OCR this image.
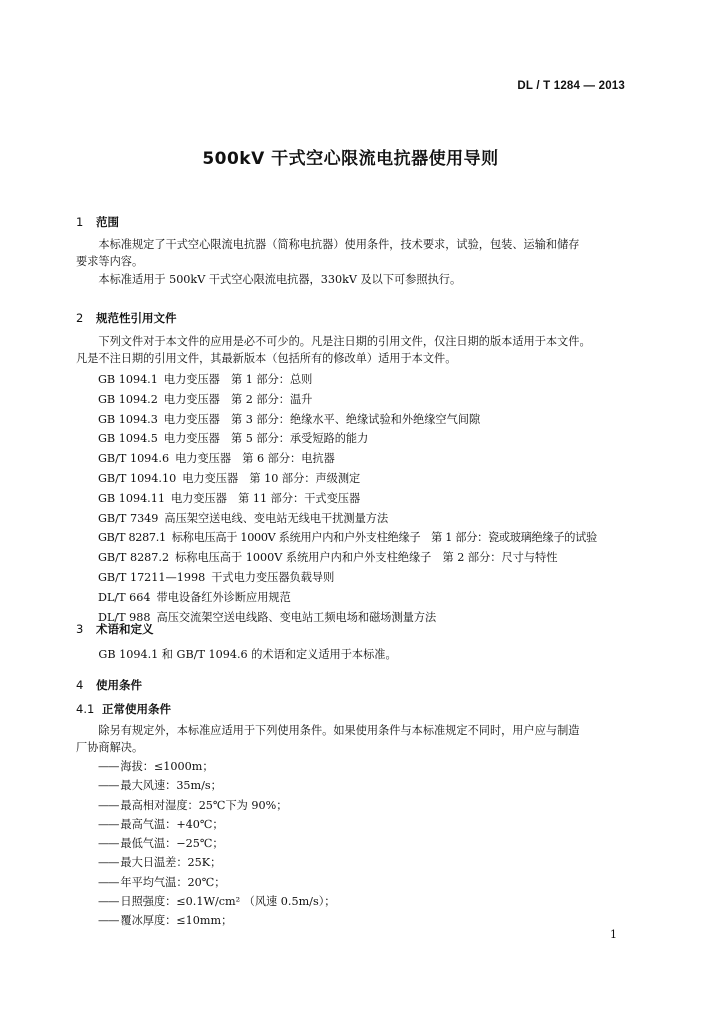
DL / T 1284 — 2013
500kV 干式空心限流电抗器使用导则
1 范围

本标准规定了干式空心限流电抗器（简称电抗器）使用条件，技术要求，试验，包装、运输和储存

要求等内容。

本标准适用于 500kV 干式空心限流电抗器，330kV 及以下可参照执行。

2 规范性引用文件

下列文件对于本文件的应用是必不可少的。凡是注日期的引用文件，仅注日期的版本适用于本文件。

凡是不注日期的引用文件，其最新版本（包括所有的修改单）适用于本文件。

GB 1094.1 电力变压器　第 1 部分：总则
GB 1094.2 电力变压器　第 2 部分：温升
GB 1094.3 电力变压器　第 3 部分：绝缘水平、绝缘试验和外绝缘空气间隙
GB 1094.5 电力变压器　第 5 部分：承受短路的能力
GB/T 1094.6 电力变压器　第 6 部分：电抗器
GB/T 1094.10 电力变压器　第 10 部分：声级测定
GB 1094.11 电力变压器　第 11 部分：干式变压器
GB/T 7349 高压架空送电线、变电站无线电干扰测量方法
GB/T 8287.1 标称电压高于 1000V 系统用户内和户外支柱绝缘子　第 1 部分：瓷或玻璃绝缘子的试验
GB/T 8287.2 标称电压高于 1000V 系统用户内和户外支柱绝缘子　第 2 部分：尺寸与特性
GB/T 17211—1998 干式电力变压器负载导则
DL/T 664 带电设备红外诊断应用规范
DL/T 988 高压交流架空送电线路、变电站工频电场和磁场测量方法
3 术语和定义

GB 1094.1 和 GB/T 1094.6 的术语和定义适用于本标准。

4 使用条件
4.1 正常使用条件

除另有规定外，本标准应适用于下列使用条件。如果使用条件与本标准规定不同时，用户应与制造

厂协商解决。

—— 海拔：≤1000m；
—— 最大风速：35m/s；
—— 最高相对湿度：25℃下为 90%；
—— 最高气温：+40℃；
—— 最低气温：−25℃；
—— 最大日温差：25K；
—— 年平均气温：20℃；
—— 日照强度：≤0.1W/cm² （风速 0.5m/s）；
—— 覆冰厚度：≤10mm；
1
